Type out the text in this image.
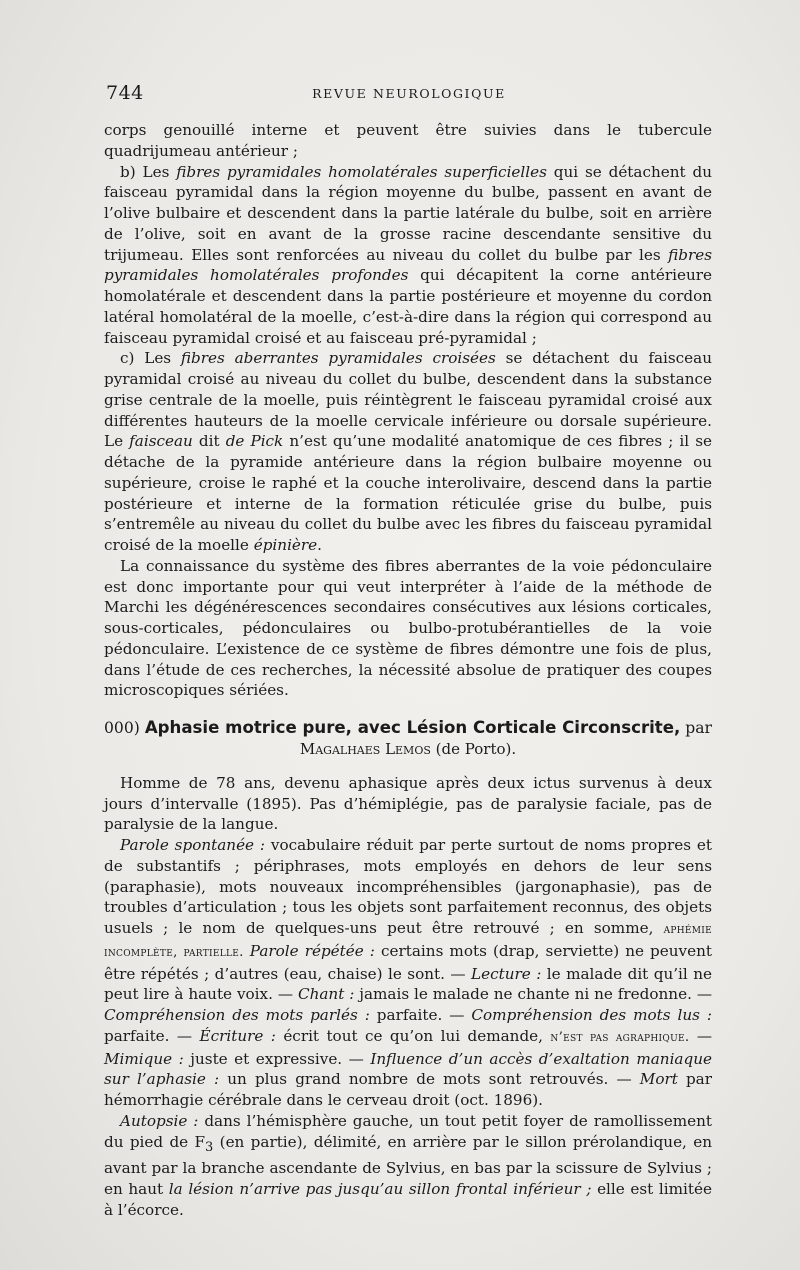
744	REVUE NEUROLOGIQUE

corps genouillé interne et peuvent être suivies dans le tubercule quadrijumeau antérieur ;

b) Les fibres pyramidales homolatérales superficielles qui se détachent du faisceau pyramidal dans la région moyenne du bulbe, passent en avant de l’olive bulbaire et descendent dans la partie latérale du bulbe, soit en arrière de l’olive, soit en avant de la grosse racine descendante sensitive du trijumeau. Elles sont renforcées au niveau du collet du bulbe par les fibres pyramidales homolatérales profondes qui décapitent la corne antérieure homolatérale et descendent dans la partie postérieure et moyenne du cordon latéral homolatéral de la moelle, c’est-à-dire dans la région qui correspond au faisceau pyramidal croisé et au faisceau pré-pyramidal ;

c) Les fibres aberrantes pyramidales croisées se détachent du faisceau pyramidal croisé au niveau du collet du bulbe, descendent dans la substance grise centrale de la moelle, puis réintègrent le faisceau pyramidal croisé aux différentes hauteurs de la moelle cervicale inférieure ou dorsale supérieure. Le faisceau dit de Pick n’est qu’une modalité anatomique de ces fibres ; il se détache de la pyramide antérieure dans la région bulbaire moyenne ou supérieure, croise le raphé et la couche interolivaire, descend dans la partie postérieure et interne de la formation réticulée grise du bulbe, puis s’entremêle au niveau du collet du bulbe avec les fibres du faisceau pyramidal croisé de la moelle épinière.

La connaissance du système des fibres aberrantes de la voie pédonculaire est donc importante pour qui veut interpréter à l’aide de la méthode de Marchi les dégénérescences secondaires consécutives aux lésions corticales, sous-corticales, pédonculaires ou bulbo-protubérantielles de la voie pédonculaire. L’existence de ce système de fibres démontre une fois de plus, dans l’étude de ces recherches, la nécessité absolue de pratiquer des coupes microscopiques sériées.

000) Aphasie motrice pure, avec Lésion Corticale Circonscrite, par
Magalhaes Lemos (de Porto).

Homme de 78 ans, devenu aphasique après deux ictus survenus à deux jours d’intervalle (1895). Pas d’hémiplégie, pas de paralysie faciale, pas de paralysie de la langue.

Parole spontanée : vocabulaire réduit par perte surtout de noms propres et de substantifs ; périphrases, mots employés en dehors de leur sens (paraphasie), mots nouveaux incompréhensibles (jargonaphasie), pas de troubles d’articulation ; tous les objets sont parfaitement reconnus, des objets usuels ; le nom de quelques-uns peut être retrouvé ; en somme, aphémie incomplète, partielle. Parole répétée : certains mots (drap, serviette) ne peuvent être répétés ; d’autres (eau, chaise) le sont. — Lecture : le malade dit qu’il ne peut lire à haute voix. — Chant : jamais le malade ne chante ni ne fredonne. — Compréhension des mots parlés : parfaite. — Compréhension des mots lus : parfaite. — Écriture : écrit tout ce qu’on lui demande, n’est pas agraphique. — Mimique : juste et expressive. — Influence d’un accès d’exaltation maniaque sur l’aphasie : un plus grand nombre de mots sont retrouvés. — Mort par hémorrhagie cérébrale dans le cerveau droit (oct. 1896).

Autopsie : dans l’hémisphère gauche, un tout petit foyer de ramollissement du pied de $F_3$ (en partie), délimité, en arrière par le sillon prérolandique, en avant par la branche ascendante de Sylvius, en bas par la scissure de Sylvius ; en haut la lésion n’arrive pas jusqu’au sillon frontal inférieur ; elle est limitée à l’écorce.
